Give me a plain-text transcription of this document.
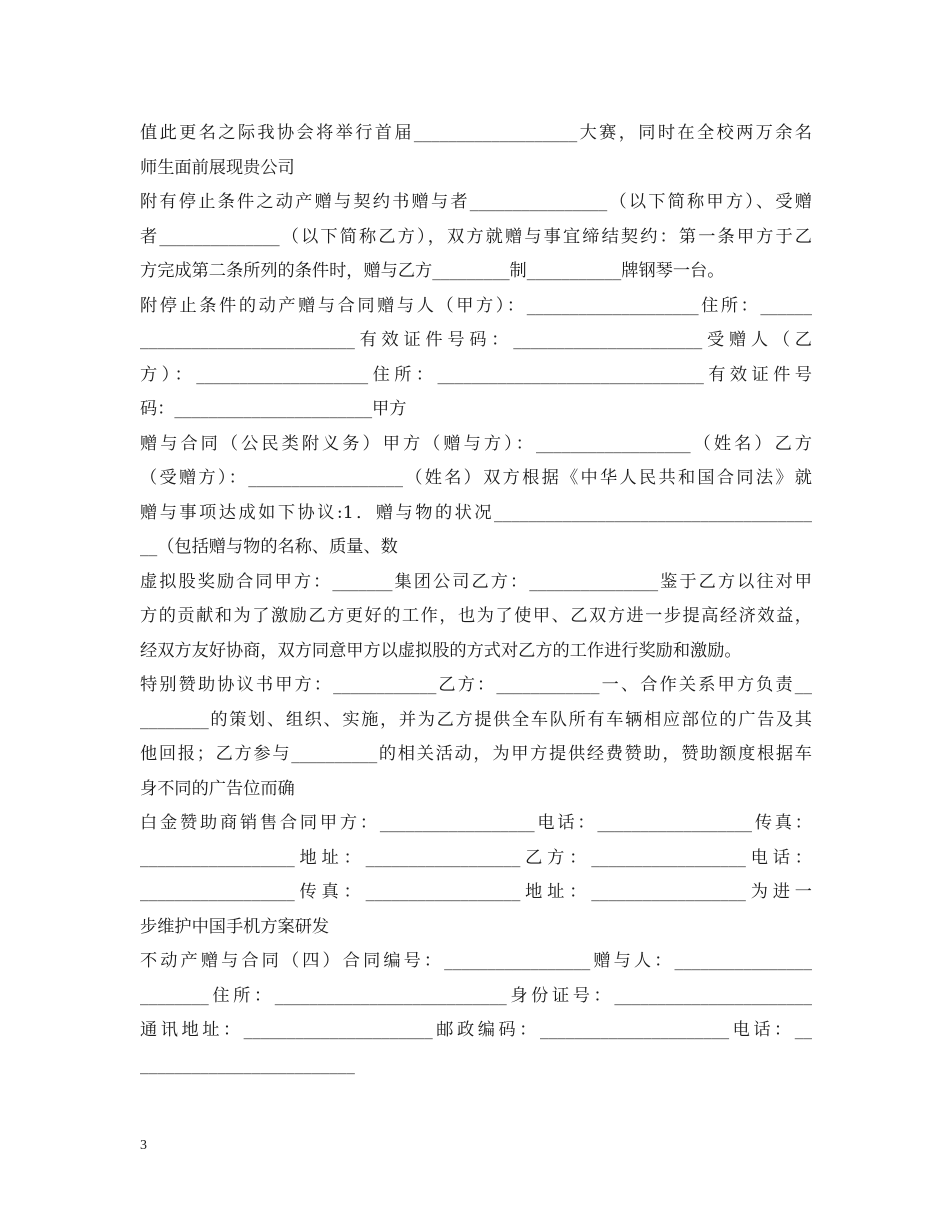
值此更名之际我协会将举行首届___________________大赛，同时在全校两万余名
师生面前展现贵公司
附有停止条件之动产赠与契约书赠与者________________（以下简称甲方）、受赠
者______________（以下简称乙方），双方就赠与事宜缔结契约：第一条甲方于乙
方完成第二条所列的条件时，赠与乙方_________制___________牌钢琴一台。
附停止条件的动产赠与合同赠与人（甲方）：____________________住所：______
_________________________有效证件号码：______________________受赠人（乙
方）：____________________住所：_______________________________有效证件号
码：_______________________甲方
赠与合同（公民类附义务）甲方（赠与方）：__________________（姓名）乙方
（受赠方）：__________________（姓名）双方根据《中华人民共和国合同法》就
赠与事项达成如下协议:1．赠与物的状况_____________________________________
__（包括赠与物的名称、质量、数
虚拟股奖励合同甲方：_______集团公司乙方：_______________鉴于乙方以往对甲
方的贡献和为了激励乙方更好的工作，也为了使甲、乙双方进一步提高经济效益，
经双方友好协商，双方同意甲方以虚拟股的方式对乙方的工作进行奖励和激励。
特别赞助协议书甲方：____________乙方：____________一、合作关系甲方负责__
________的策划、组织、实施，并为乙方提供全车队所有车辆相应部位的广告及其
他回报；乙方参与__________的相关活动，为甲方提供经费赞助，赞助额度根据车
身不同的广告位而确
白金赞助商销售合同甲方：__________________电话：__________________传真：
__________________地址：__________________乙方：__________________电话：
__________________传真：__________________地址：__________________为进一
步维护中国手机方案研发
不动产赠与合同（四）合同编号：_________________赠与人：________________
________住所：___________________________身份证号：_______________________
通讯地址：______________________邮政编码：______________________电话：__
_________________________
3
